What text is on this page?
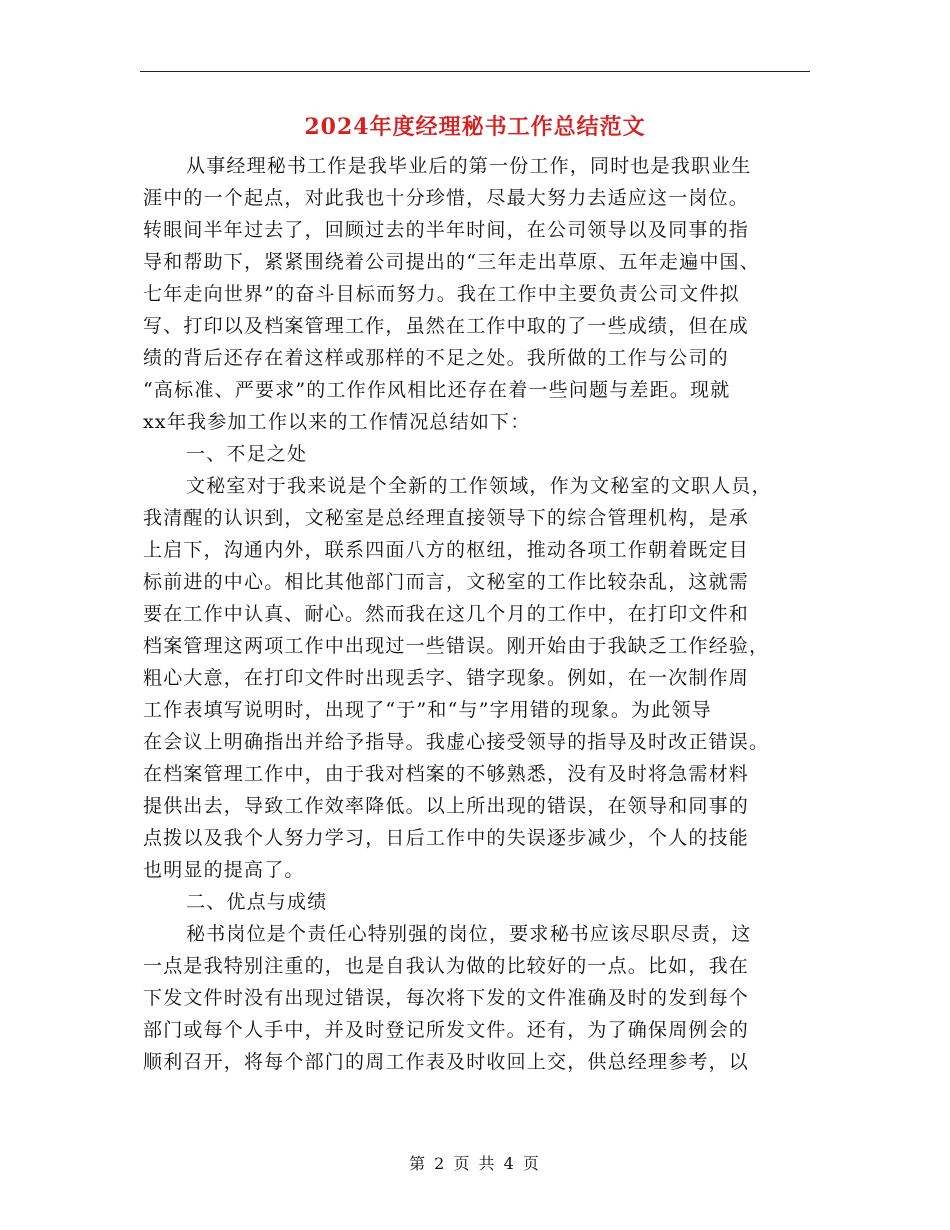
2024年度经理秘书工作总结范文
从事经理秘书工作是我毕业后的第一份工作，同时也是我职业生
涯中的一个起点，对此我也十分珍惜，尽最大努力去适应这一岗位。
转眼间半年过去了，回顾过去的半年时间，在公司领导以及同事的指
导和帮助下，紧紧围绕着公司提出的“三年走出草原、五年走遍中国、
七年走向世界”的奋斗目标而努力。我在工作中主要负责公司文件拟
写、打印以及档案管理工作，虽然在工作中取的了一些成绩，但在成
绩的背后还存在着这样或那样的不足之处。我所做的工作与公司的
“高标准、严要求”的工作作风相比还存在着一些问题与差距。现就
xx年我参加工作以来的工作情况总结如下：
一、不足之处
文秘室对于我来说是个全新的工作领域，作为文秘室的文职人员，
我清醒的认识到，文秘室是总经理直接领导下的综合管理机构，是承
上启下，沟通内外，联系四面八方的枢纽，推动各项工作朝着既定目
标前进的中心。相比其他部门而言，文秘室的工作比较杂乱，这就需
要在工作中认真、耐心。然而我在这几个月的工作中，在打印文件和
档案管理这两项工作中出现过一些错误。刚开始由于我缺乏工作经验，
粗心大意，在打印文件时出现丢字、错字现象。例如，在一次制作周
工作表填写说明时，出现了“于”和“与”字用错的现象。为此领导
在会议上明确指出并给予指导。我虚心接受领导的指导及时改正错误。
在档案管理工作中，由于我对档案的不够熟悉，没有及时将急需材料
提供出去，导致工作效率降低。以上所出现的错误，在领导和同事的
点拨以及我个人努力学习，日后工作中的失误逐步减少，个人的技能
也明显的提高了。
二、优点与成绩
秘书岗位是个责任心特别强的岗位，要求秘书应该尽职尽责，这
一点是我特别注重的，也是自我认为做的比较好的一点。比如，我在
下发文件时没有出现过错误，每次将下发的文件准确及时的发到每个
部门或每个人手中，并及时登记所发文件。还有，为了确保周例会的
顺利召开，将每个部门的周工作表及时收回上交，供总经理参考，以
第 2 页 共 4 页
